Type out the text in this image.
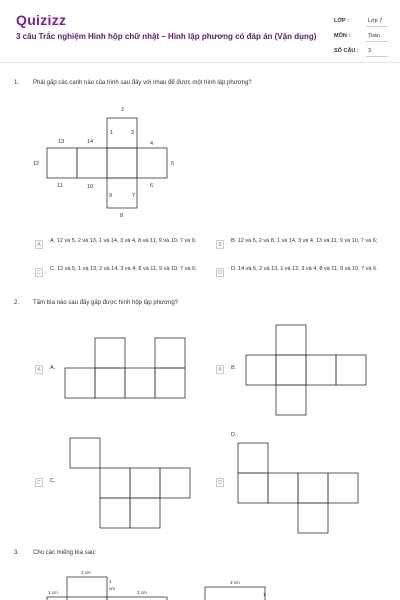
Quizizz
3 câu Trắc nghiệm Hình hộp chữ nhật – Hình lập phương có đáp án (Vận dụng)
LỚP :	Lớp 7
MÔN :	Toán
SỐ CÂU : 3
1. Phải gấp các cạnh nào của hình sau đây với nhau để được một hình lập phương?
2
1	3
13	14	4
12	5
11	10
9	7
6
8
A
A. 12 và 5, 2 và 13, 1 và 14, 3 và 4, 8 và 11, 9 và 10, 7 và 6;
B
B. 12 và 5, 2 và 8, 1 và 14, 3 và 4, 13 và 11, 9 và 10, 7 và 6;
C
C. 12 và 5, 1 và 13, 2 và 14, 3 và 4, 8 và 11, 9 và 10, 7 và 6;
D
D. 14 và 5, 2 và 13, 1 và 12, 3 và 4, 8 và 11, 9 và 10, 7 và 6.
2. Tấm bìa nào sau đây gấp được hình hộp lập phương?
A	A.	B	B.
C	C.
D.
D
3. Cho các miếng bìa sau:
2 cm
1 cm
1
cm
2 cm
3 cm
1
